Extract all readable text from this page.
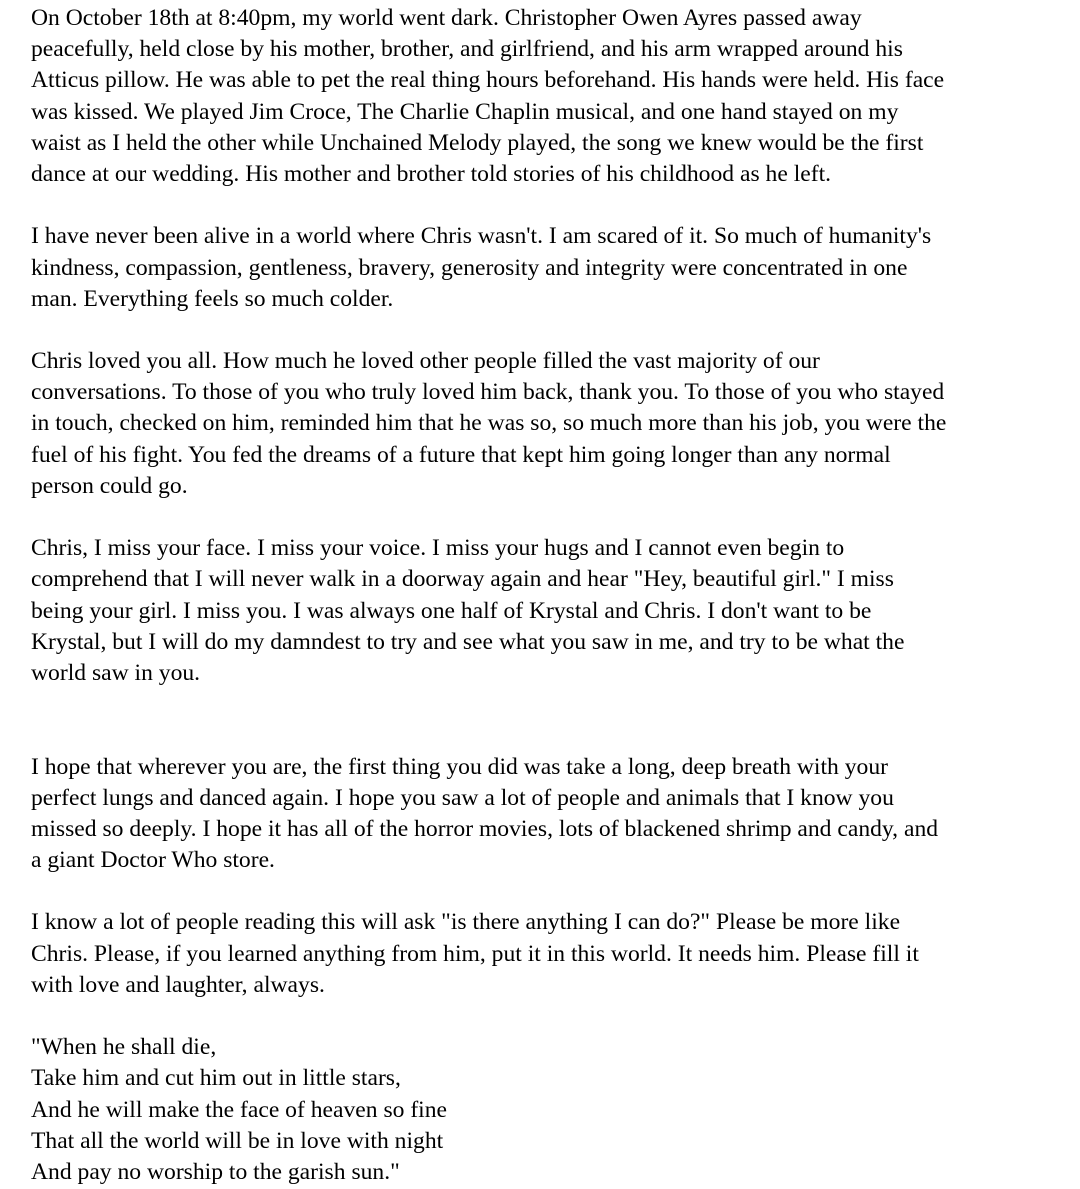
On October 18th at 8:40pm, my world went dark. Christopher Owen Ayres passed away
peacefully, held close by his mother, brother, and girlfriend, and his arm wrapped around his
Atticus pillow. He was able to pet the real thing hours beforehand. His hands were held. His face
was kissed. We played Jim Croce, The Charlie Chaplin musical, and one hand stayed on my
waist as I held the other while Unchained Melody played, the song we knew would be the first
dance at our wedding. His mother and brother told stories of his childhood as he left.

I have never been alive in a world where Chris wasn't. I am scared of it. So much of humanity's
kindness, compassion, gentleness, bravery, generosity and integrity were concentrated in one
man. Everything feels so much colder.

Chris loved you all. How much he loved other people filled the vast majority of our
conversations. To those of you who truly loved him back, thank you. To those of you who stayed
in touch, checked on him, reminded him that he was so, so much more than his job, you were the
fuel of his fight. You fed the dreams of a future that kept him going longer than any normal
person could go.

Chris, I miss your face. I miss your voice. I miss your hugs and I cannot even begin to
comprehend that I will never walk in a doorway again and hear "Hey, beautiful girl." I miss
being your girl. I miss you. I was always one half of Krystal and Chris. I don't want to be
Krystal, but I will do my damndest to try and see what you saw in me, and try to be what the
world saw in you.

I hope that wherever you are, the first thing you did was take a long, deep breath with your
perfect lungs and danced again. I hope you saw a lot of people and animals that I know you
missed so deeply. I hope it has all of the horror movies, lots of blackened shrimp and candy, and
a giant Doctor Who store.

I know a lot of people reading this will ask "is there anything I can do?" Please be more like
Chris. Please, if you learned anything from him, put it in this world. It needs him. Please fill it
with love and laughter, always.

"When he shall die,
Take him and cut him out in little stars,
And he will make the face of heaven so fine
That all the world will be in love with night
And pay no worship to the garish sun."
